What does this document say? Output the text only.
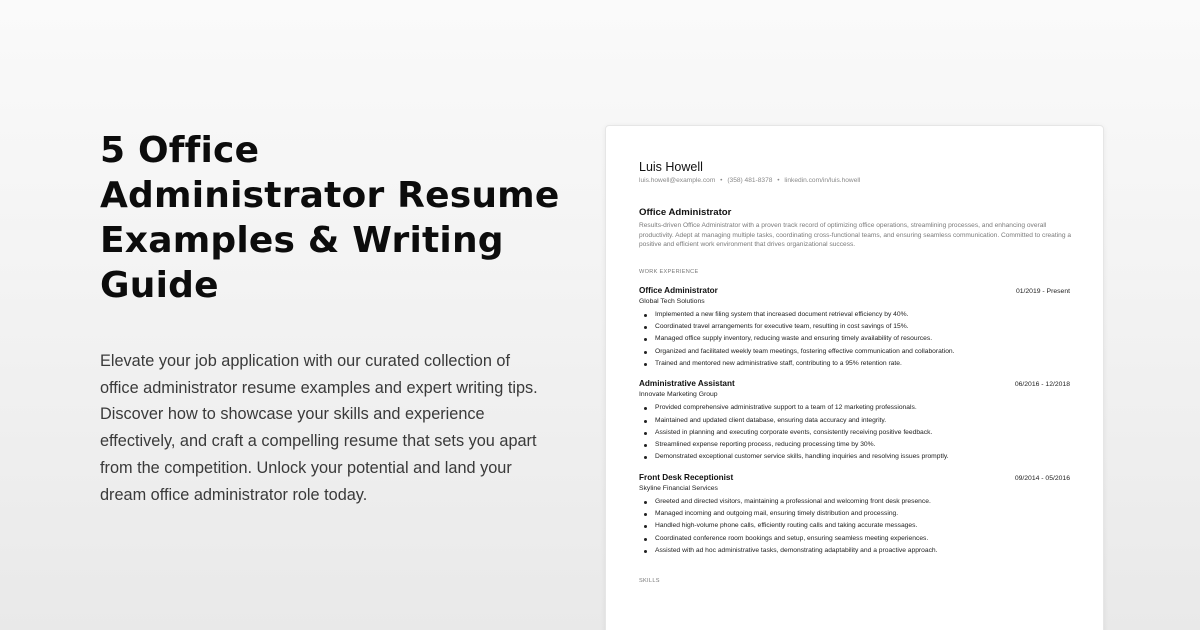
5 Office
Administrator Resume
Examples & Writing
Guide

Elevate your job application with our curated collection of office administrator resume examples and expert writing tips. Discover how to showcase your skills and experience effectively, and craft a compelling resume that sets you apart from the competition. Unlock your potential and land your dream office administrator role today.

Luis Howell
luis.howell@example.com • (358) 481-8378 • linkedin.com/in/luis.howell
Office Administrator
Results-driven Office Administrator with a proven track record of optimizing office operations, streamlining processes, and enhancing overall productivity. Adept at managing multiple tasks, coordinating cross-functional teams, and ensuring seamless communication. Committed to creating a positive and efficient work environment that drives organizational success.
WORK EXPERIENCE
Office Administrator	01/2019 - Present
Global Tech Solutions
Implemented a new filing system that increased document retrieval efficiency by 40%.
Coordinated travel arrangements for executive team, resulting in cost savings of 15%.
Managed office supply inventory, reducing waste and ensuring timely availability of resources.
Organized and facilitated weekly team meetings, fostering effective communication and collaboration.
Trained and mentored new administrative staff, contributing to a 95% retention rate.
Administrative Assistant	06/2016 - 12/2018
Innovate Marketing Group
Provided comprehensive administrative support to a team of 12 marketing professionals.
Maintained and updated client database, ensuring data accuracy and integrity.
Assisted in planning and executing corporate events, consistently receiving positive feedback.
Streamlined expense reporting process, reducing processing time by 30%.
Demonstrated exceptional customer service skills, handling inquiries and resolving issues promptly.
Front Desk Receptionist	09/2014 - 05/2016
Skyline Financial Services
Greeted and directed visitors, maintaining a professional and welcoming front desk presence.
Managed incoming and outgoing mail, ensuring timely distribution and processing.
Handled high-volume phone calls, efficiently routing calls and taking accurate messages.
Coordinated conference room bookings and setup, ensuring seamless meeting experiences.
Assisted with ad hoc administrative tasks, demonstrating adaptability and a proactive approach.
SKILLS
